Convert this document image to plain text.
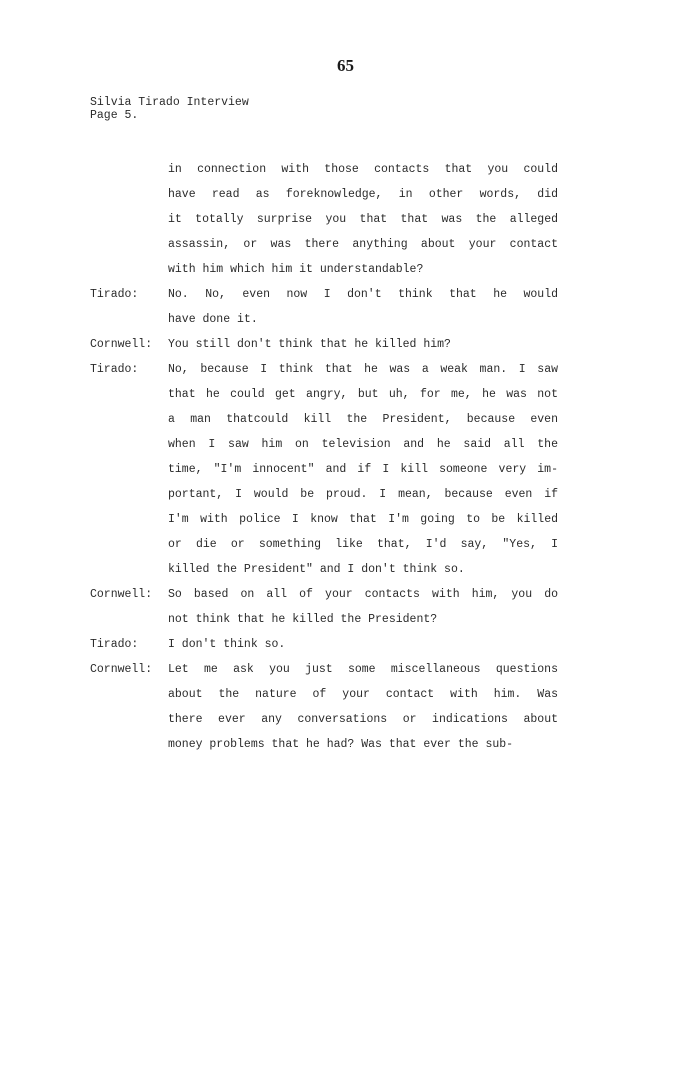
65
Silvia Tirado Interview
Page 5.
in connection with those contacts that you could
have read as foreknowledge, in other words, did
it totally surprise you that that was the alleged
assassin, or was there anything about your contact
with him which him it understandable?
Tirado:	No. No, even now I don't think that he would
have done it.
Cornwell:	You still don't think that he killed him?
Tirado:	No, because I think that he was a weak man. I saw
that he could get angry, but uh, for me, he was not
a man thatcould kill the President, because even
when I saw him on television and he said all the
time, "I'm innocent" and if I kill someone very im-
portant, I would be proud. I mean, because even if
I'm with police I know that I'm going to be killed
or die or something like that, I'd say, "Yes, I
killed the President" and I don't think so.
Cornwell:	So based on all of your contacts with him, you do
not think that he killed the President?
Tirado:	I don't think so.
Cornwell:	Let me ask you just some miscellaneous questions
about the nature of your contact with him. Was
there ever any conversations or indications about
money problems that he had? Was that ever the sub-
